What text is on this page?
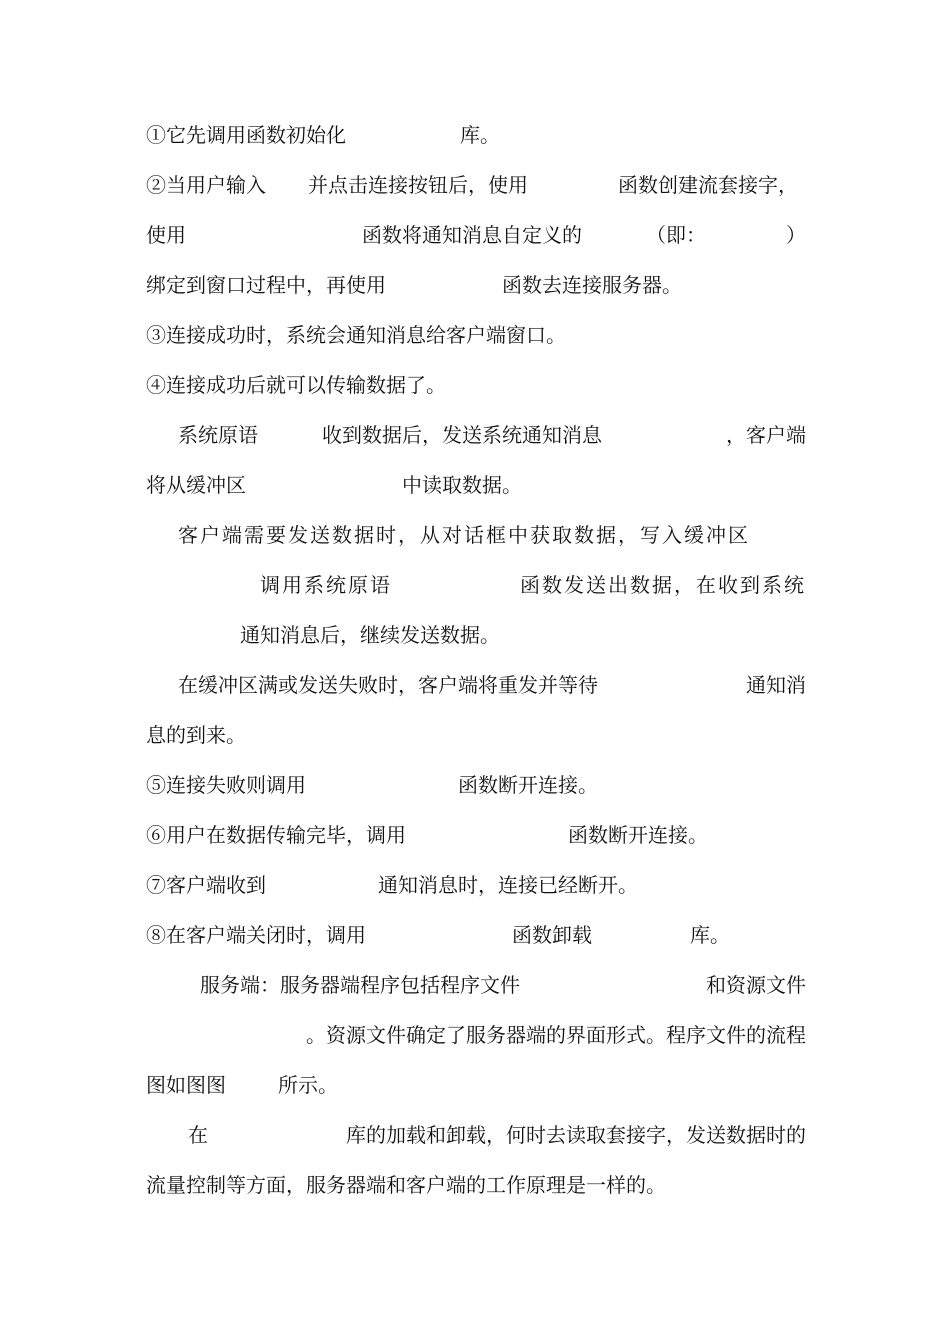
①它先调用函数初始化	库。
②当用户输入 并点击连接按钮后，使用	函数创建流套接字，
使用	函数将通知消息自定义的	（即：	）
绑定到窗口过程中，再使用	函数去连接服务器。
③连接成功时，系统会通知消息给客户端窗口。
④连接成功后就可以传输数据了。
系统原语	收到数据后，发送系统通知消息	，客户端
将从缓冲区	中读取数据。
客户端需要发送数据时，从对话框中获取数据，写入缓冲区
调用系统原语	函数发送出数据，在收到系统
通知消息后，继续发送数据。
在缓冲区满或发送失败时，客户端将重发并等待	通知消
息的到来。
⑤连接失败则调用	函数断开连接。
⑥用户在数据传输完毕，调用	函数断开连接。
⑦客户端收到	通知消息时，连接已经断开。
⑧在客户端关闭时，调用	函数卸载	库。
服务端：服务器端程序包括程序文件	和资源文件
。资源文件确定了服务器端的界面形式。程序文件的流程
图如图图	所示。
在	库的加载和卸载，何时去读取套接字，发送数据时的
流量控制等方面，服务器端和客户端的工作原理是一样的。
